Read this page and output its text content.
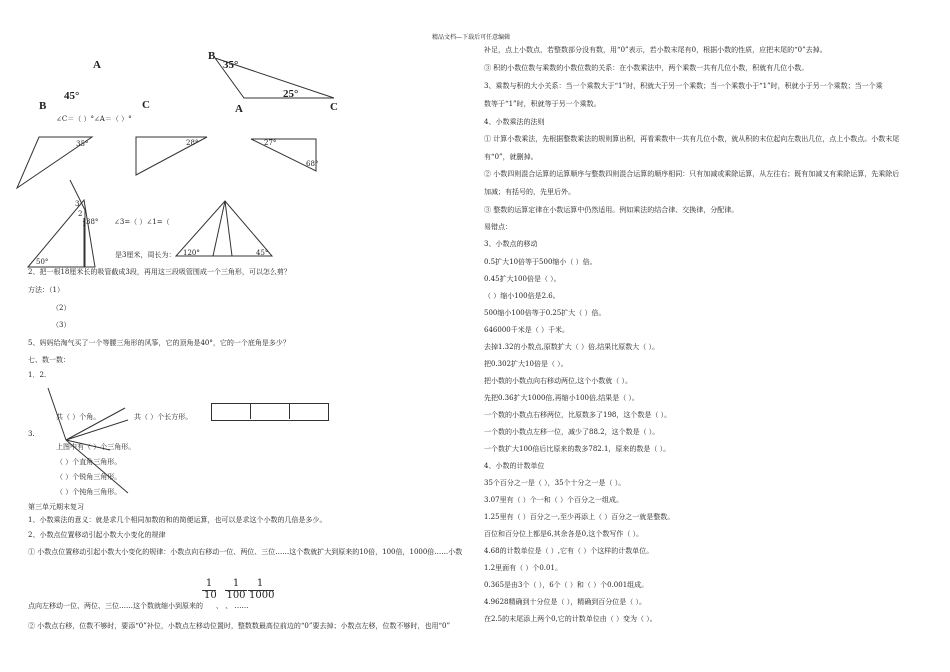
精品文档---下载后可任意编辑
A
B	C
45°
B
A	C
35°
25°
∠C＝（ ）°∠A＝（ ）°
35°	28°	27°
68°
3
2
1 38°
50°
∠3=（ ）∠1=（
120°	45°
是3厘米，周长为：
2、把一根18厘米长的吸管截成3段，再用这三段吸管围成一个三角形，可以怎么剪？
方法：（1）
（2）
（3）
5、妈妈给淘气买了一个等腰三角形的风筝，它的顶角是40°，它的一个底角是多少？
七、数一数：
1．2.
共（ ）个角。	共（ ）个长方形。
3.
上图中有（ ）个三角形。
（ ）个直角三角形。
（ ）个锐角三角形。
（ ）个钝角三角形。
第三单元期末复习
1、小数乘法的意义：就是求几个相同加数的和的简便运算，也可以是求这个小数的几倍是多少。
2、小数点位置移动引起小数大小变化的规律
① 小数点位置移动引起小数大小变化的规律：小数点向右移动一位、两位、三位……这个数就扩大到原来的10倍，100倍，1000倍……小数
1
10
1
100
1
1000
点向左移动一位、两位、三位……这个数就缩小到原来的 、 、 ……
② 小数点右移，位数不够时，要添“0”补位，小数点左移动位置时，整数数最高位前边的“0”要去掉；小数点左移，位数不够时，也用“0”
补足，点上小数点，若整数部分没有数，用“0”表示，若小数末尾有0，根据小数的性质，应把末尾的“0”去掉。
③ 积的小数位数与乘数的小数位数的关系：在小数乘法中，两个乘数一共有几位小数，积就有几位小数。
3、乘数与积的大小关系：当一个乘数大于“1”时，积就大于另一个乘数；当一个乘数小于“1”时，积就小于另一个乘数；当一个乘
数等于“1”时，积就等于另一个乘数。
4、小数乘法的法则
① 计算小数乘法，先根据整数乘法的规则算出积，再看乘数中一共有几位小数，就从积的末位起向左数出几位，点上小数点。小数末尾
有“0”，就删掉。
② 小数四则混合运算的运算顺序与整数四则混合运算的顺序相同：只有加减或乘除运算，从左往右；既有加减又有乘除运算，先乘除后
加减；有括号的，先里后外。
③ 整数的运算定律在小数运算中仍然适用。例如乘法的结合律、交换律，分配律。
易错点：
3、小数点的移动
0.5扩大10倍等于500缩小（ ）倍。
0.45扩大100倍是（ ）。
（ ）缩小100倍是2.6。
500缩小100倍等于0.25扩大（ ）倍。
646000千米是（ ）千米。
去掉1.32的小数点,原数扩大（ ）倍,结果比原数大（ ）。
把0.302扩大10倍是（ ）。
把小数的小数点向右移动两位,这个小数就（ ）。
先把0.36扩大1000倍,再缩小100倍,结果是（ ）。
一个数的小数点右移两位，比原数多了198，这个数是（ ）。
一个数的小数点左移一位，减少了88.2，这个数是（ ）。
一个数扩大100倍后比原来的数多782.1，原来的数是（ ）。
4、小数的计数单位
35个百分之一是（ ），35个十分之一是（ ）。
3.07里有（ ）个一和（ ）个百分之一组成。
1.25里有（ ）百分之一,至少再添上（ ）百分之一就是整数。
百位和百分位上都是6,其余各是0,这个数写作（ ）。
4.68的计数单位是（ ）,它有（ ）个这样的计数单位。
1.2里面有（ ）个0.01。
0.365是由3个（ ），6个（ ）和（ ）个0.001组成。
4.9628精确到十分位是（ ），精确到百分位是（ ）。
在2.5的末尾添上两个0,它的计数单位由（ ）变为（ ）。
